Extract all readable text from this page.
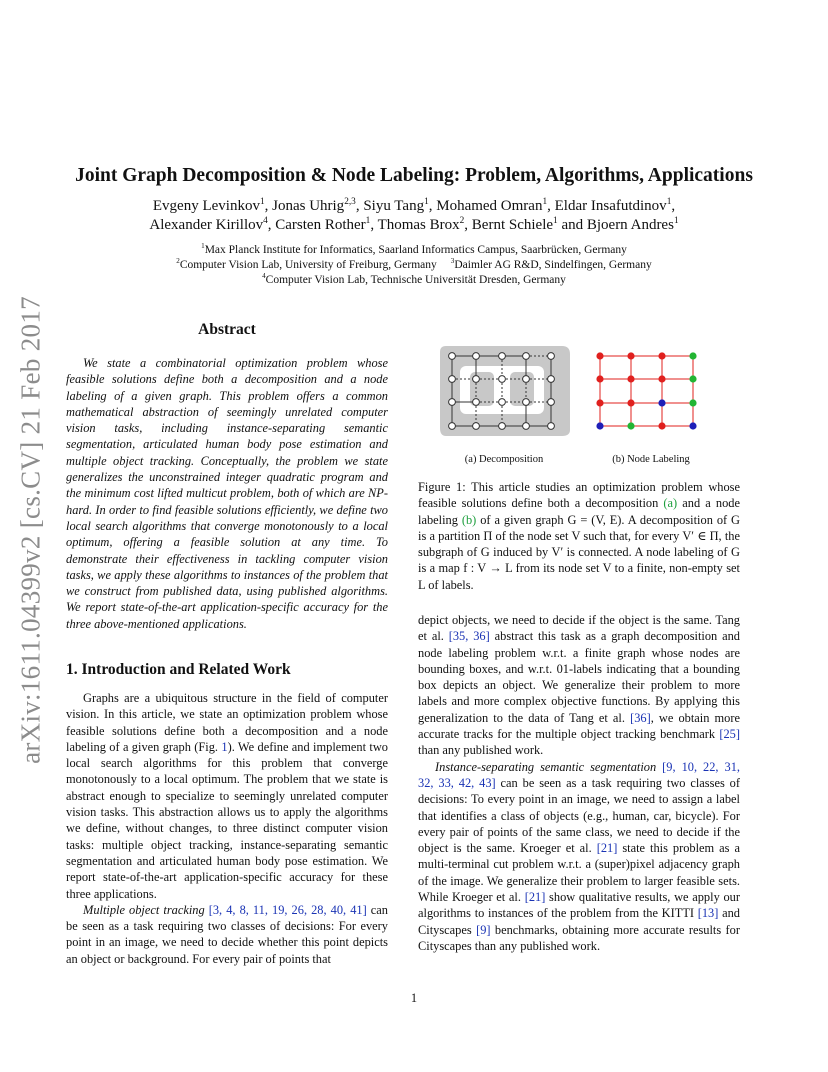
arXiv:1611.04399v2 [cs.CV] 21 Feb 2017
Joint Graph Decomposition & Node Labeling: Problem, Algorithms, Applications
Evgeny Levinkov$^1$, Jonas Uhrig$^{2,3}$, Siyu Tang$^1$, Mohamed Omran$^1$, Eldar Insafutdinov$^1$,
Alexander Kirillov$^4$, Carsten Rother$^1$, Thomas Brox$^2$, Bernt Schiele$^1$ and Bjoern Andres$^1$
$^1$Max Planck Institute for Informatics, Saarland Informatics Campus, Saarbrücken, Germany
$^2$Computer Vision Lab, University of Freiburg, Germany $^3$Daimler AG R&D, Sindelfingen, Germany
$^4$Computer Vision Lab, Technische Universität Dresden, Germany
Abstract

We state a combinatorial optimization problem whose feasible solutions define both a decomposition and a node labeling of a given graph. This problem offers a common mathematical abstraction of seemingly unrelated computer vision tasks, including instance-separating semantic segmentation, articulated human body pose estimation and multiple object tracking. Conceptually, the problem we state generalizes the unconstrained integer quadratic program and the minimum cost lifted multicut problem, both of which are NP-hard. In order to find feasible solutions efficiently, we define two local search algorithms that converge monotonously to a local optimum, offering a feasible solution at any time. To demonstrate their effectiveness in tackling computer vision tasks, we apply these algorithms to instances of the problem that we construct from published data, using published algorithms. We report state-of-the-art application-specific accuracy for the three above-mentioned applications.

1. Introduction and Related Work

Graphs are a ubiquitous structure in the field of computer vision. In this article, we state an optimization problem whose feasible solutions define both a decomposition and a node labeling of a given graph (Fig. 1). We define and implement two local search algorithms for this problem that converge monotonously to a local optimum. The problem that we state is abstract enough to specialize to seemingly unrelated computer vision tasks. This abstraction allows us to apply the algorithms we define, without changes, to three distinct computer vision tasks: multiple object tracking, instance-separating semantic segmentation and articulated human body pose estimation. We report state-of-the-art application-specific accuracy for these three applications.

Multiple object tracking [3, 4, 8, 11, 19, 26, 28, 40, 41] can be seen as a task requiring two classes of decisions: For every point in an image, we need to decide whether this point depicts an object or background. For every pair of points that

(a) Decomposition	(b) Node Labeling
Figure 1: This article studies an optimization problem whose feasible solutions define both a decomposition (a) and a node labeling (b) of a given graph G = (V, E). A decomposition of G is a partition Π of the node set V such that, for every V′ ∈ Π, the subgraph of G induced by V′ is connected. A node labeling of G is a map f : V → L from its node set V to a finite, non-empty set L of labels.

depict objects, we need to decide if the object is the same. Tang et al. [35, 36] abstract this task as a graph decomposition and node labeling problem w.r.t. a finite graph whose nodes are bounding boxes, and w.r.t. 01-labels indicating that a bounding box depicts an object. We generalize their problem to more labels and more complex objective functions. By applying this generalization to the data of Tang et al. [36], we obtain more accurate tracks for the multiple object tracking benchmark [25] than any published work.

Instance-separating semantic segmentation [9, 10, 22, 31, 32, 33, 42, 43] can be seen as a task requiring two classes of decisions: To every point in an image, we need to assign a label that identifies a class of objects (e.g., human, car, bicycle). For every pair of points of the same class, we need to decide if the object is the same. Kroeger et al. [21] state this problem as a multi-terminal cut problem w.r.t. a (super)pixel adjacency graph of the image. We generalize their problem to larger feasible sets. While Kroeger et al. [21] show qualitative results, we apply our algorithms to instances of the problem from the KITTI [13] and Cityscapes [9] benchmarks, obtaining more accurate results for Cityscapes than any published work.

1
